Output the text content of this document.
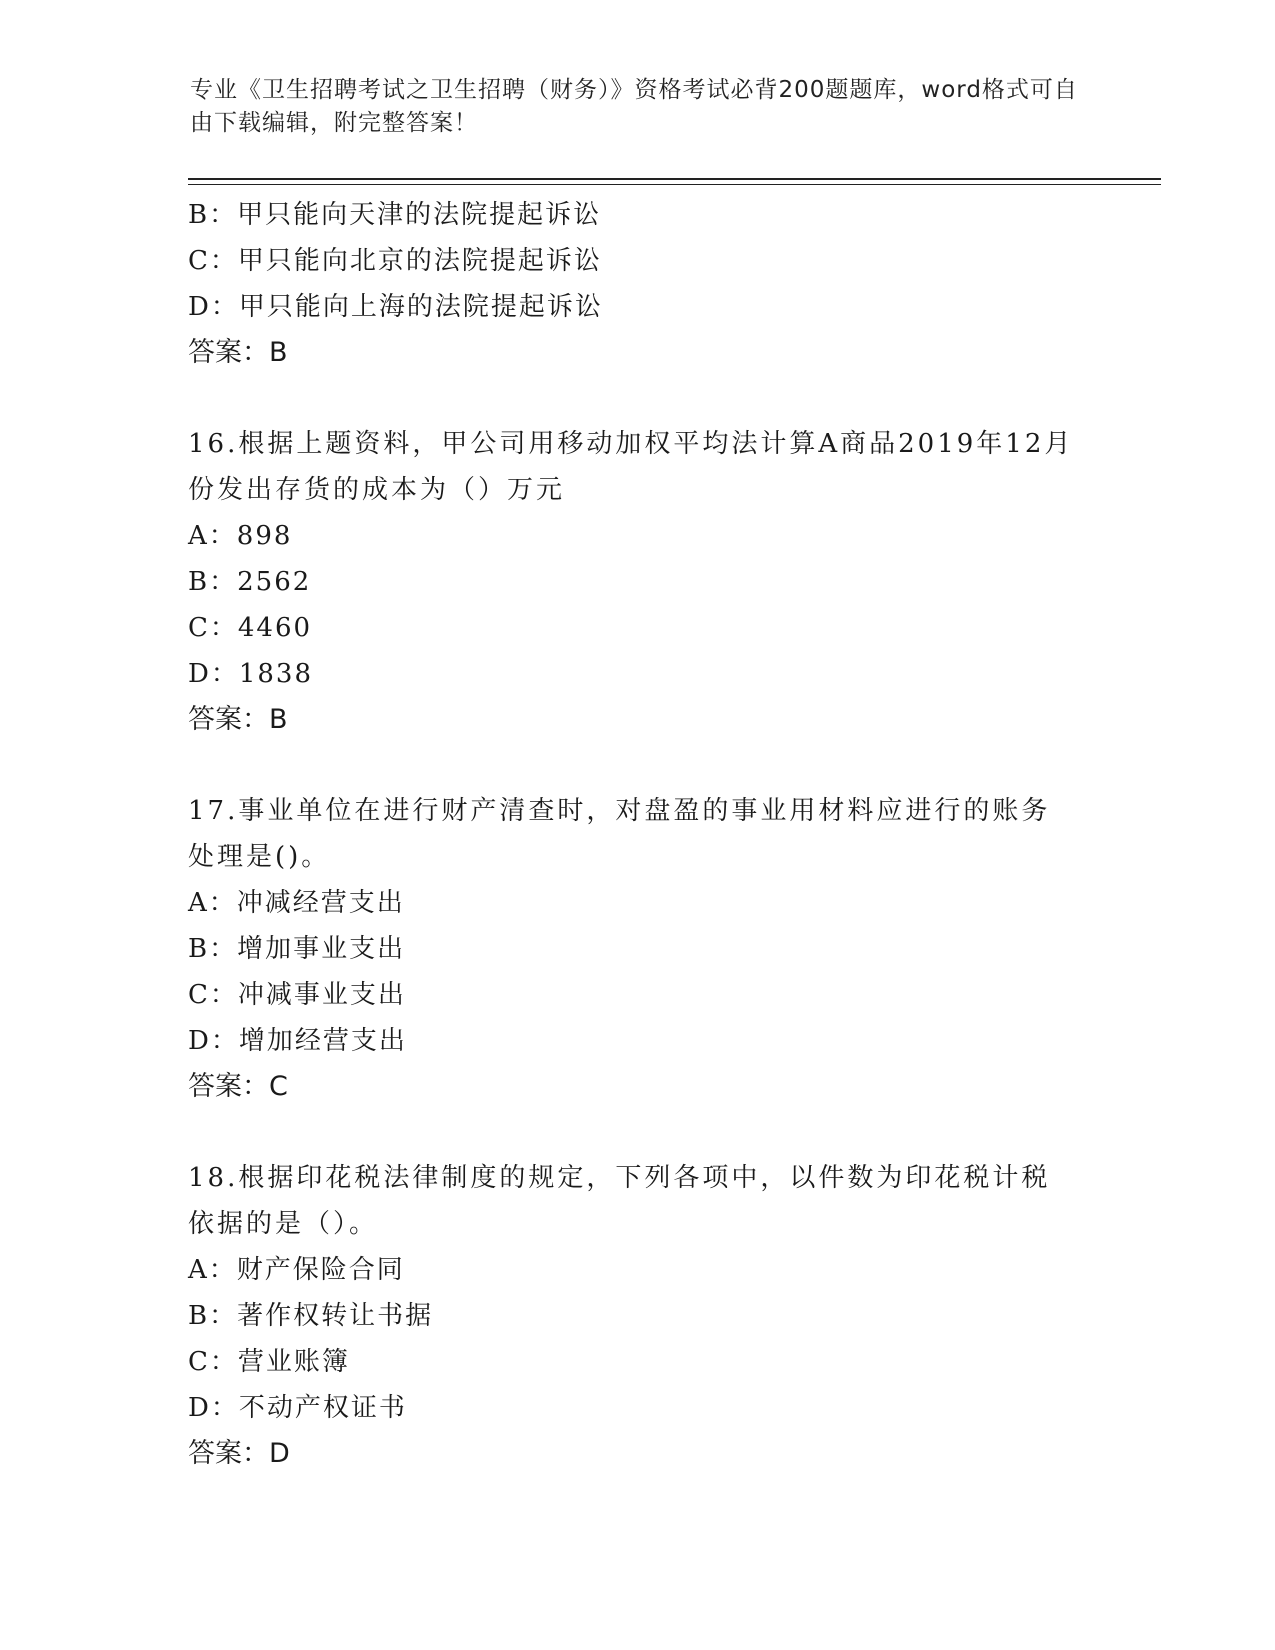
专业《卫生招聘考试之卫生招聘（财务）》资格考试必背200题题库，word格式可自由下载编辑，附完整答案！
B：甲只能向天津的法院提起诉讼
C：甲只能向北京的法院提起诉讼
D：甲只能向上海的法院提起诉讼
答案：B
16.根据上题资料，甲公司用移动加权平均法计算A商品2019年12月份发出存货的成本为（）万元
A：898
B：2562
C：4460
D：1838
答案：B
17.事业单位在进行财产清查时，对盘盈的事业用材料应进行的账务处理是()。
A：冲减经营支出
B：增加事业支出
C：冲减事业支出
D：增加经营支出
答案：C
18.根据印花税法律制度的规定，下列各项中，以件数为印花税计税依据的是（）。
A：财产保险合同
B：著作权转让书据
C：营业账簿
D：不动产权证书
答案：D
